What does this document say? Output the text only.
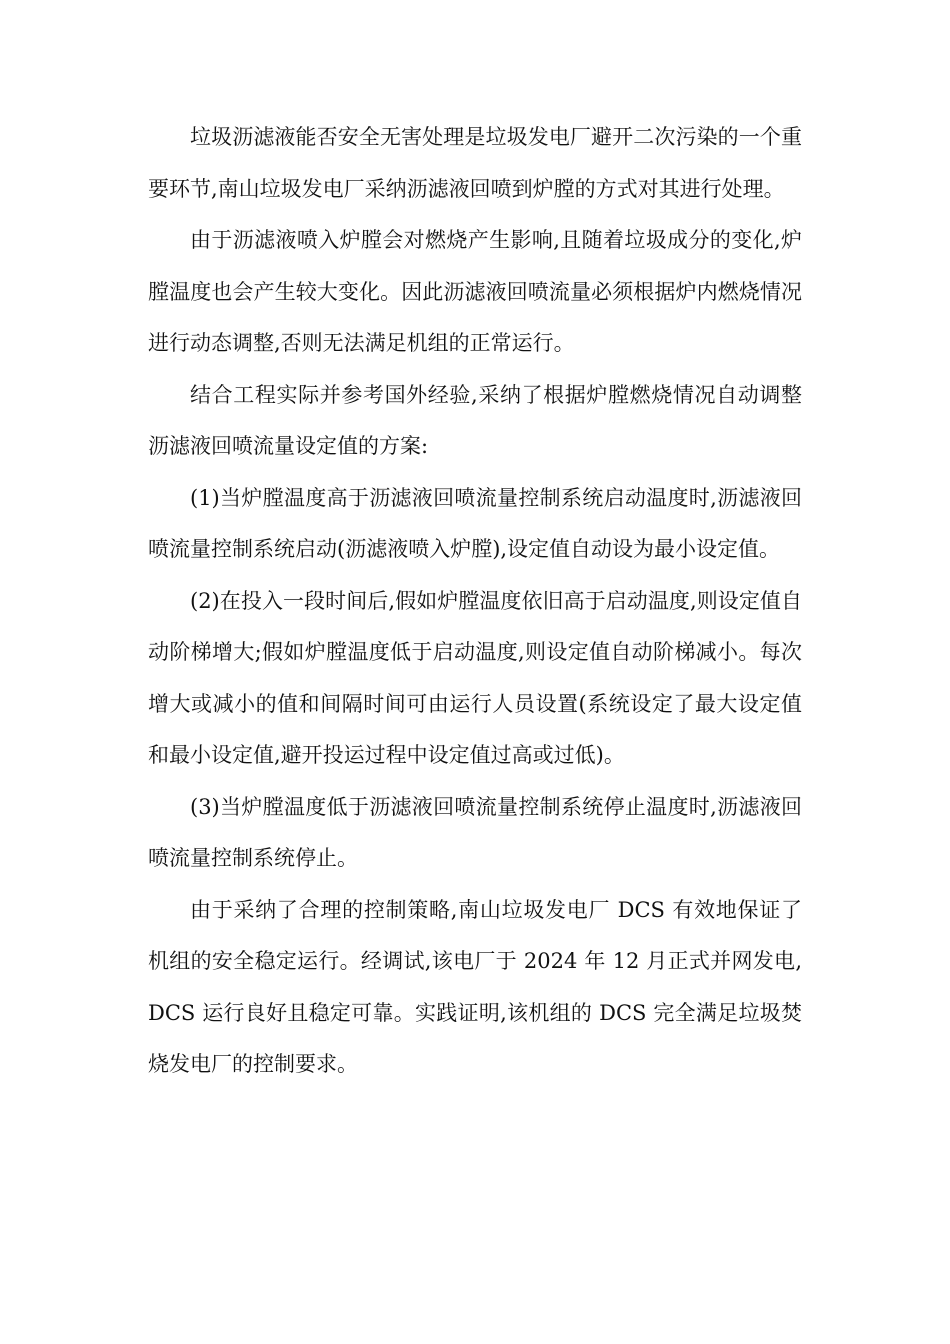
垃圾沥滤液能否安全无害处理是垃圾发电厂避开二次污染的一个重要环节,南山垃圾发电厂采纳沥滤液回喷到炉膛的方式对其进行处理。

由于沥滤液喷入炉膛会对燃烧产生影响,且随着垃圾成分的变化,炉膛温度也会产生较大变化。因此沥滤液回喷流量必须根据炉内燃烧情况进行动态调整,否则无法满足机组的正常运行。

结合工程实际并参考国外经验,采纳了根据炉膛燃烧情况自动调整沥滤液回喷流量设定值的方案:

(1)当炉膛温度高于沥滤液回喷流量控制系统启动温度时,沥滤液回喷流量控制系统启动(沥滤液喷入炉膛),设定值自动设为最小设定值。

(2)在投入一段时间后,假如炉膛温度依旧高于启动温度,则设定值自动阶梯增大;假如炉膛温度低于启动温度,则设定值自动阶梯减小。每次增大或减小的值和间隔时间可由运行人员设置(系统设定了最大设定值和最小设定值,避开投运过程中设定值过高或过低)。

(3)当炉膛温度低于沥滤液回喷流量控制系统停止温度时,沥滤液回喷流量控制系统停止。

由于采纳了合理的控制策略,南山垃圾发电厂 DCS 有效地保证了机组的安全稳定运行。经调试,该电厂于 2024 年 12 月正式并网发电,DCS 运行良好且稳定可靠。实践证明,该机组的 DCS 完全满足垃圾焚烧发电厂的控制要求。
